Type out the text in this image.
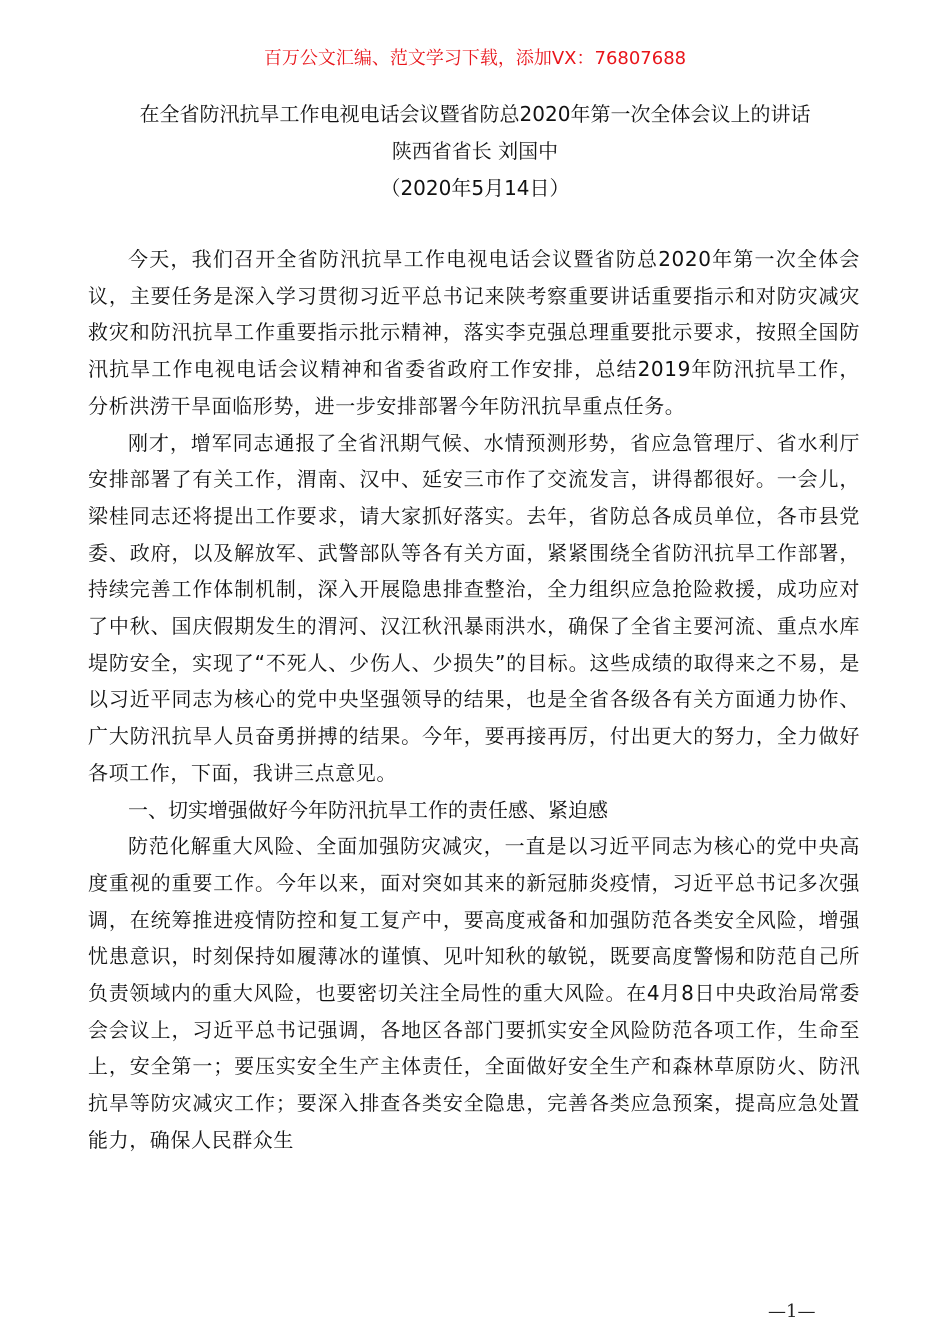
百万公文汇编、范文学习下载，添加VX：76807688
在全省防汛抗旱工作电视电话会议暨省防总2020年第一次全体会议上的讲话
陕西省省长 刘国中
（2020年5月14日）

今天，我们召开全省防汛抗旱工作电视电话会议暨省防总2020年第一次全体会议，主要任务是深入学习贯彻习近平总书记来陕考察重要讲话重要指示和对防灾减灾救灾和防汛抗旱工作重要指示批示精神，落实李克强总理重要批示要求，按照全国防汛抗旱工作电视电话会议精神和省委省政府工作安排，总结2019年防汛抗旱工作，分析洪涝干旱面临形势，进一步安排部署今年防汛抗旱重点任务。

刚才，增军同志通报了全省汛期气候、水情预测形势，省应急管理厅、省水利厅安排部署了有关工作，渭南、汉中、延安三市作了交流发言，讲得都很好。一会儿，梁桂同志还将提出工作要求，请大家抓好落实。去年，省防总各成员单位，各市县党委、政府，以及解放军、武警部队等各有关方面，紧紧围绕全省防汛抗旱工作部署，持续完善工作体制机制，深入开展隐患排查整治，全力组织应急抢险救援，成功应对了中秋、国庆假期发生的渭河、汉江秋汛暴雨洪水，确保了全省主要河流、重点水库堤防安全，实现了“不死人、少伤人、少损失”的目标。这些成绩的取得来之不易，是以习近平同志为核心的党中央坚强领导的结果，也是全省各级各有关方面通力协作、广大防汛抗旱人员奋勇拼搏的结果。今年，要再接再厉，付出更大的努力，全力做好各项工作，下面，我讲三点意见。

一、切实增强做好今年防汛抗旱工作的责任感、紧迫感

防范化解重大风险、全面加强防灾减灾，一直是以习近平同志为核心的党中央高度重视的重要工作。今年以来，面对突如其来的新冠肺炎疫情，习近平总书记多次强调，在统筹推进疫情防控和复工复产中，要高度戒备和加强防范各类安全风险，增强忧患意识，时刻保持如履薄冰的谨慎、见叶知秋的敏锐，既要高度警惕和防范自己所负责领域内的重大风险，也要密切关注全局性的重大风险。在4月8日中央政治局常委会会议上，习近平总书记强调，各地区各部门要抓实安全风险防范各项工作，生命至上，安全第一；要压实安全生产主体责任，全面做好安全生产和森林草原防火、防汛抗旱等防灾减灾工作；要深入排查各类安全隐患，完善各类应急预案，提高应急处置能力，确保人民群众生

—1—
